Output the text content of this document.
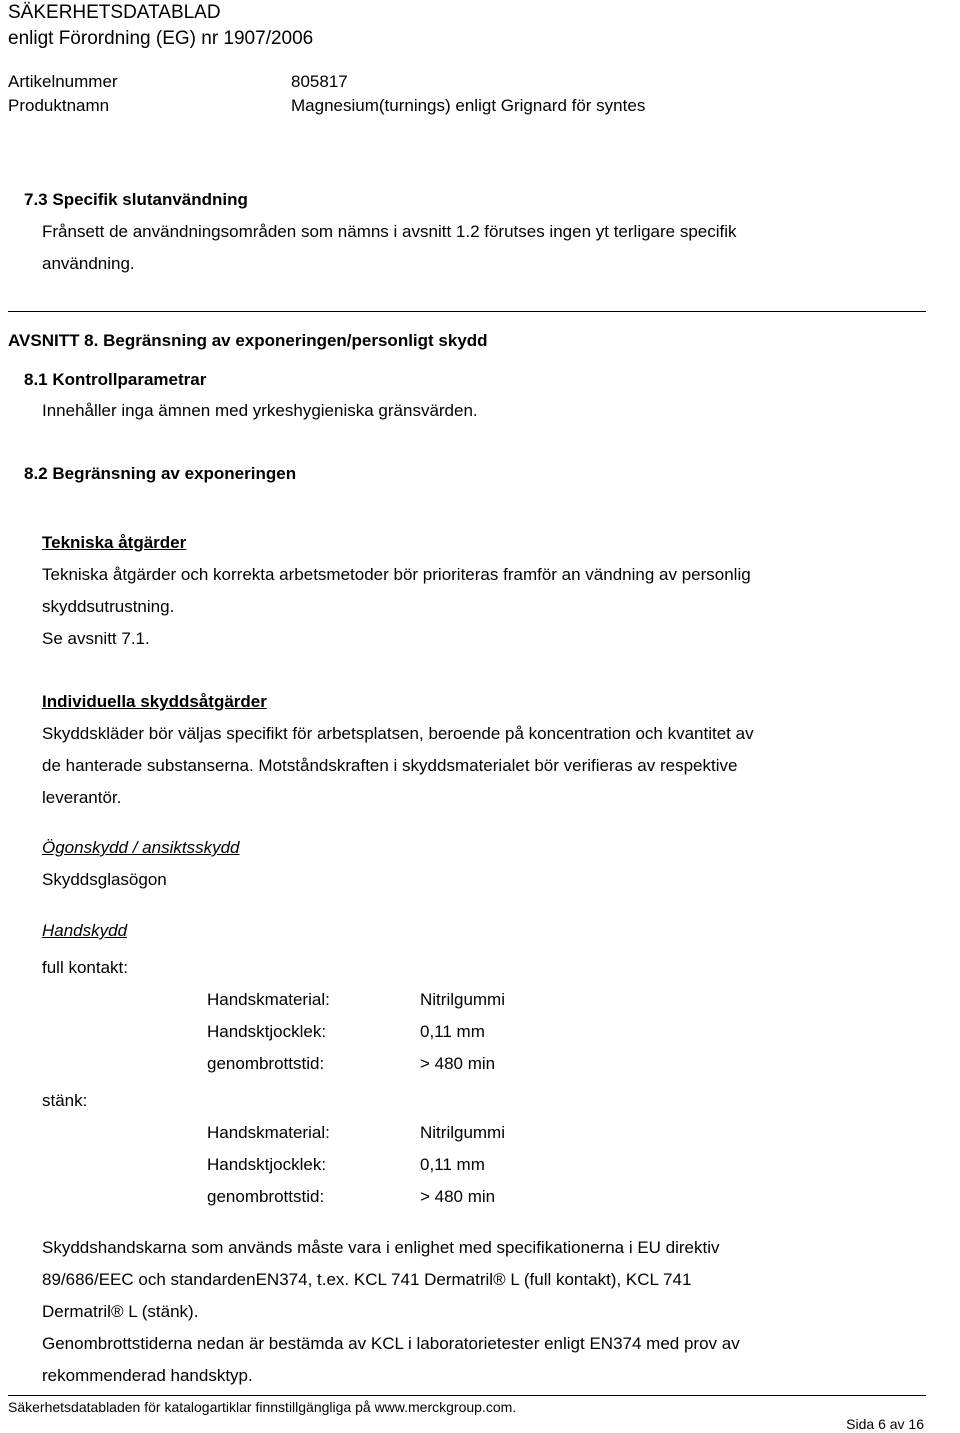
SÄKERHETSDATABLAD
enligt Förordning (EG) nr 1907/2006
Artikelnummer	805817
Produktnamn	Magnesium(turnings) enligt Grignard för syntes
7.3 Specifik slutanvändning
Frånsett de användningsområden som nämns i avsnitt 1.2 förutses ingen yt terligare specifik
användning.
AVSNITT 8. Begränsning av exponeringen/personligt skydd
8.1 Kontrollparametrar
Innehåller inga ämnen med yrkeshygieniska gränsvärden.
8.2 Begränsning av exponeringen
Tekniska åtgärder
Tekniska åtgärder och korrekta arbetsmetoder bör prioriteras framför an vändning av personlig
skyddsutrustning.
Se avsnitt 7.1.
Individuella skyddsåtgärder
Skyddskläder bör väljas specifikt för arbetsplatsen, beroende på koncentration och kvantitet av
de hanterade substanserna. Motståndskraften i skyddsmaterialet bör verifieras av respektive
leverantör.
Ögonskydd / ansiktsskydd
Skyddsglasögon
Handskydd
full kontakt:
Handskmaterial:	Nitrilgummi
Handsktjocklek:	0,11 mm
genombrottstid:	> 480 min
stänk:
Handskmaterial:	Nitrilgummi
Handsktjocklek:	0,11 mm
genombrottstid:	> 480 min
Skyddshandskarna som används måste vara i enlighet med specifikationerna i EU direktiv
89/686/EEC och standardenEN374, t.ex. KCL 741 Dermatril® L (full kontakt), KCL 741
Dermatril® L (stänk).
Genombrottstiderna nedan är bestämda av KCL i laboratorietester enligt EN374 med prov av
rekommenderad handsktyp.
Säkerhetsdatabladen för katalogartiklar finnstillgängliga på www.merckgroup.com.
Sida 6 av 16
